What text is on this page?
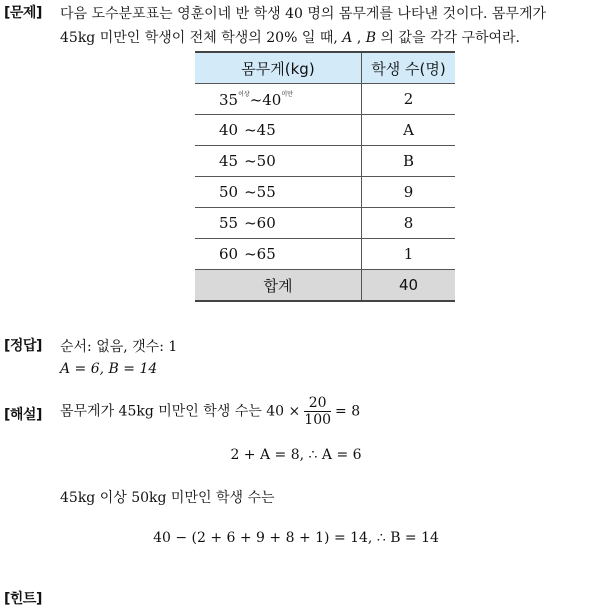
[문제] 다음 도수분포표는 영훈이네 반 학생 40 명의 몸무게를 나타낸 것이다. 몸무게가
45kg 미만인 학생이 전체 학생의 20% 일 때, A , B 의 값을 각각 구하여라.
몸무게(kg)	학생 수(명)
$35^{이상}\sim 40^{미만}$	2
40 ~45	A
45 ~50	B
50 ~55	9
55 ~60	8
60 ~65	1
합계	40
[정답] 순서: 없음, 갯수: 1
A = 6, B = 14
[해설] 몸무게가 45kg 미만인 학생 수는 $40 \times \frac{20}{100} = 8$
2 + A = 8, ∴ A = 6
45kg 이상 50kg 미만인 학생 수는
40 − (2 + 6 + 9 + 8 + 1) = 14, ∴ B = 14
[힌트]
